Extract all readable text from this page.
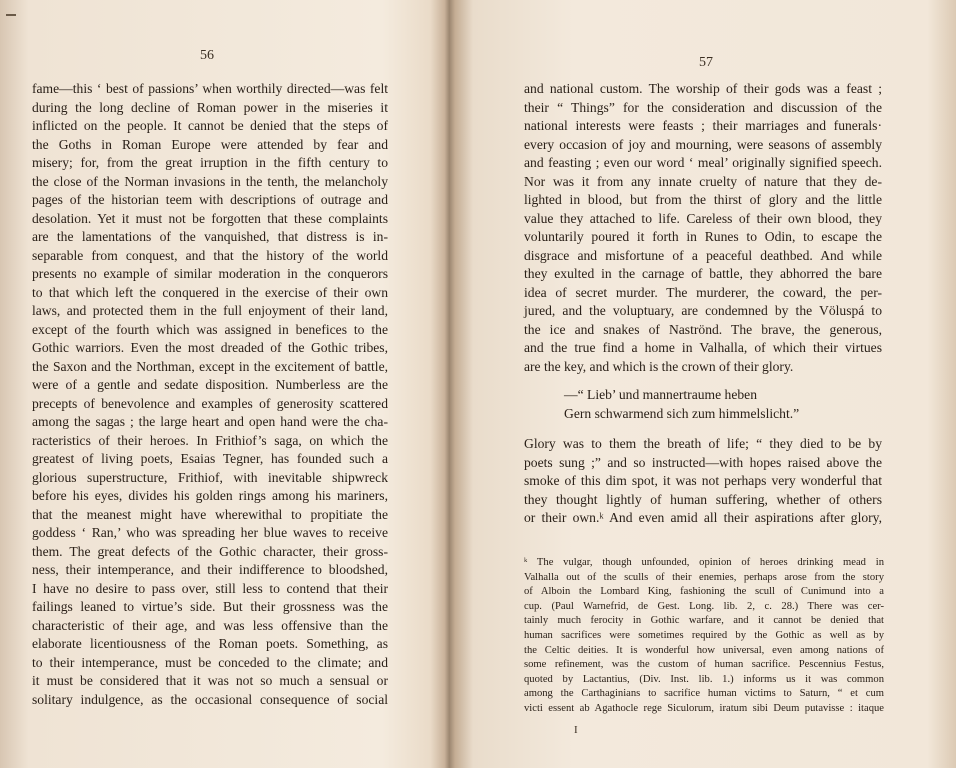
56
fame—this ‘ best of passions’ when worthily directed—was felt
during the long decline of Roman power in the miseries it
inflicted on the people. It cannot be denied that the steps of
the Goths in Roman Europe were attended by fear and
misery; for, from the great irruption in the fifth century to
the close of the Norman invasions in the tenth, the melancholy
pages of the historian teem with descriptions of outrage and
desolation. Yet it must not be forgotten that these complaints
are the lamentations of the vanquished, that distress is in-
separable from conquest, and that the history of the world
presents no example of similar moderation in the conquerors
to that which left the conquered in the exercise of their own
laws, and protected them in the full enjoyment of their land,
except of the fourth which was assigned in benefices to the
Gothic warriors. Even the most dreaded of the Gothic tribes,
the Saxon and the Northman, except in the excitement of battle,
were of a gentle and sedate disposition. Numberless are the
precepts of benevolence and examples of generosity scattered
among the sagas ; the large heart and open hand were the cha-
racteristics of their heroes. In Frithiof’s saga, on which the
greatest of living poets, Esaias Tegner, has founded such a
glorious superstructure, Frithiof, with inevitable shipwreck
before his eyes, divides his golden rings among his mariners,
that the meanest might have wherewithal to propitiate the
goddess ‘ Ran,’ who was spreading her blue waves to receive
them. The great defects of the Gothic character, their gross-
ness, their intemperance, and their indifference to bloodshed,
I have no desire to pass over, still less to contend that their
failings leaned to virtue’s side. But their grossness was the
characteristic of their age, and was less offensive than the
elaborate licentiousness of the Roman poets. Something, as
to their intemperance, must be conceded to the climate; and
it must be considered that it was not so much a sensual or
solitary indulgence, as the occasional consequence of social
57
and national custom. The worship of their gods was a feast ;
their “ Things” for the consideration and discussion of the
national interests were feasts ; their marriages and funerals·
every occasion of joy and mourning, were seasons of assembly
and feasting ; even our word ‘ meal’ originally signified speech.
Nor was it from any innate cruelty of nature that they de-
lighted in blood, but from the thirst of glory and the little
value they attached to life. Careless of their own blood, they
voluntarily poured it forth in Runes to Odin, to escape the
disgrace and misfortune of a peaceful deathbed. And while
they exulted in the carnage of battle, they abhorred the bare
idea of secret murder. The murderer, the coward, the per-
jured, and the voluptuary, are condemned by the Völuspá to
the ice and snakes of Naströnd. The brave, the generous,
and the true find a home in Valhalla, of which their virtues
are the key, and which is the crown of their glory.
—“ Lieb’ und mannertraume heben
Gern schwarmend sich zum himmelslicht.”
Glory was to them the breath of life; “ they died to be by
poets sung ;” and so instructed—with hopes raised above the
smoke of this dim spot, it was not perhaps very wonderful that
they thought lightly of human suffering, whether of others
or their own.ᵏ And even amid all their aspirations after glory,
ᵏ The vulgar, though unfounded, opinion of heroes drinking mead in
Valhalla out of the sculls of their enemies, perhaps arose from the story
of Alboin the Lombard King, fashioning the scull of Cunimund into a
cup. (Paul Warnefrid, de Gest. Long. lib. 2, c. 28.) There was cer-
tainly much ferocity in Gothic warfare, and it cannot be denied that
human sacrifices were sometimes required by the Gothic as well as by
the Celtic deities. It is wonderful how universal, even among nations of
some refinement, was the custom of human sacrifice. Pescennius Festus,
quoted by Lactantius, (Div. Inst. lib. 1.) informs us it was common
among the Carthaginians to sacrifice human victims to Saturn, “ et cum
victi essent ab Agathocle rege Siculorum, iratum sibi Deum putavisse : itaque
I
